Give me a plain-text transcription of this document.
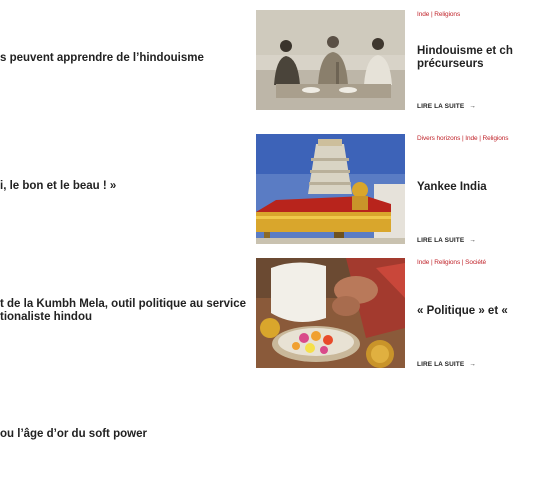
s peuvent apprendre de l’hindouisme
i, le bon et le beau ! »
t de la Kumbh Mela, outil politique au service
tionaliste hindou
ou l’âge d’or du soft power
Inde | Religions
Hindouisme et ch
précurseurs
LIRE LA SUITE →
Divers horizons | Inde | Religions
Yankee India
LIRE LA SUITE →
Inde | Religions | Société
« Politique » et «
LIRE LA SUITE →
